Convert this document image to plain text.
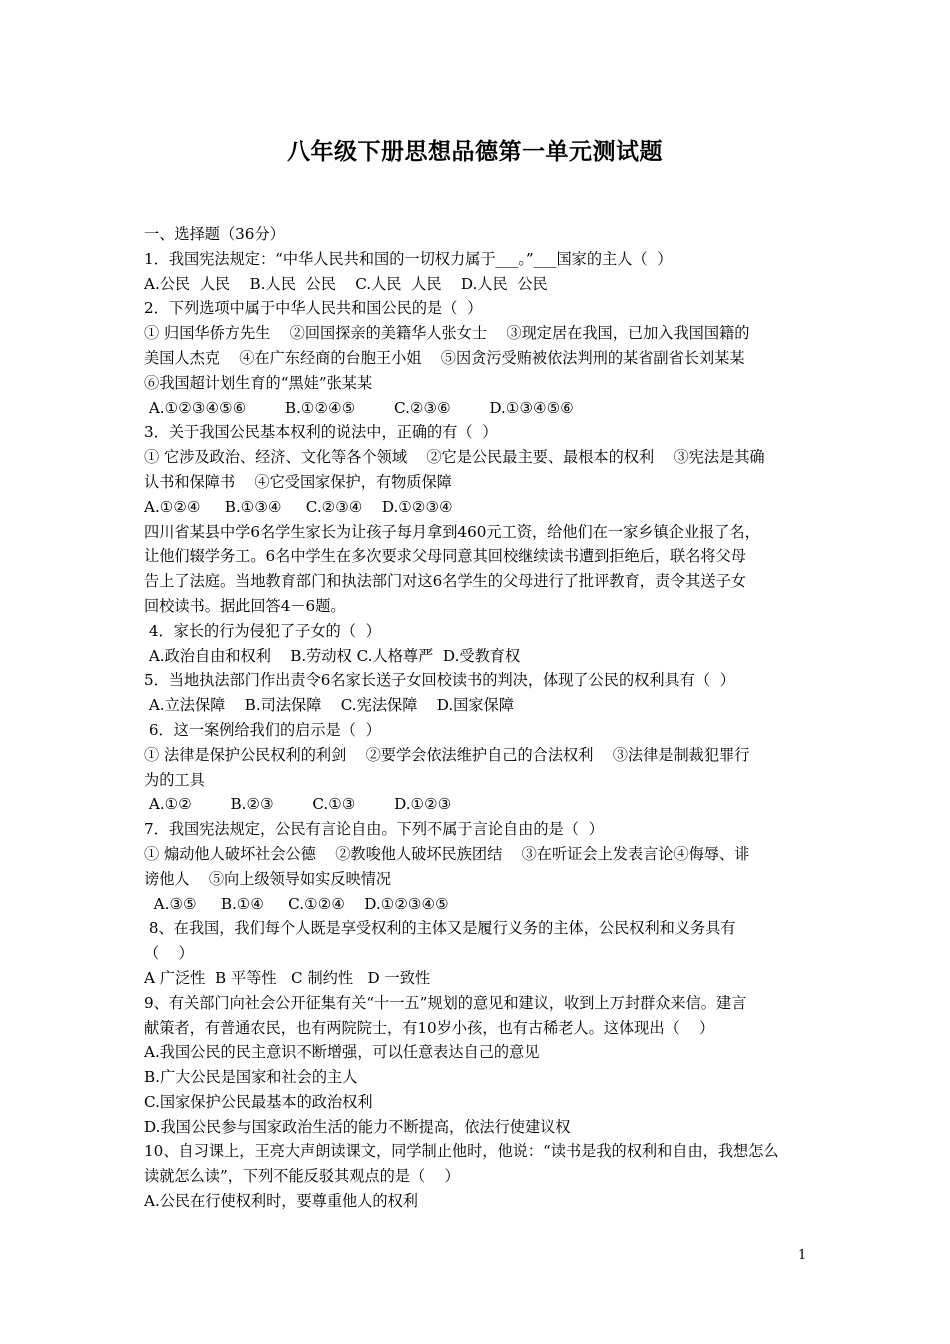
八年级下册思想品德第一单元测试题
一、选择题（36分）
1．我国宪法规定：“中华人民共和国的一切权力属于___。”___国家的主人（  ）
A.公民  人民    B.人民  公民    C.人民  人民    D.人民  公民
2．下列选项中属于中华人民共和国公民的是（  ）
① 归国华侨方先生    ②回国探亲的美籍华人张女士    ③现定居在我国，已加入我国国籍的
美国人杰克    ④在广东经商的台胞王小姐    ⑤因贪污受贿被依法判刑的某省副省长刘某某
⑥我国超计划生育的“黑娃”张某某
A.①②③④⑤⑥        B.①②④⑤        C.②③⑥        D.①③④⑤⑥
3．关于我国公民基本权利的说法中，正确的有（  ）
① 它涉及政治、经济、文化等各个领域    ②它是公民最主要、最根本的权利    ③宪法是其确
认书和保障书    ④它受国家保护，有物质保障
A.①②④     B.①③④     C.②③④    D.①②③④
四川省某县中学6名学生家长为让孩子每月拿到460元工资，给他们在一家乡镇企业报了名，
让他们辍学务工。6名中学生在多次要求父母同意其回校继续读书遭到拒绝后，联名将父母
告上了法庭。当地教育部门和执法部门对这6名学生的父母进行了批评教育，责令其送子女
回校读书。据此回答4－6题。
4．家长的行为侵犯了子女的（  ）
A.政治自由和权利    B.劳动权 C.人格尊严  D.受教育权
5．当地执法部门作出责令6名家长送子女回校读书的判决，体现了公民的权利具有（  ）
A.立法保障    B.司法保障    C.宪法保障    D.国家保障
6．这一案例给我们的启示是（  ）
① 法律是保护公民权利的利剑    ②要学会依法维护自己的合法权利    ③法律是制裁犯罪行
为的工具
A.①②        B.②③        C.①③        D.①②③
7．我国宪法规定，公民有言论自由。下列不属于言论自由的是（  ）
① 煽动他人破坏社会公德    ②教唆他人破坏民族团结    ③在听证会上发表言论④侮辱、诽
谤他人    ⑤向上级领导如实反映情况
A.③⑤     B.①④     C.①②④    D.①②③④⑤
8、在我国，我们每个人既是享受权利的主体又是履行义务的主体，公民权利和义务具有
（    ）
A 广泛性  B 平等性   C 制约性   D 一致性
9、有关部门向社会公开征集有关“十一五”规划的意见和建议，收到上万封群众来信。建言
献策者，有普通农民，也有两院院士，有10岁小孩，也有古稀老人。这体现出（    ）
A.我国公民的民主意识不断增强，可以任意表达自己的意见
B.广大公民是国家和社会的主人
C.国家保护公民最基本的政治权利
D.我国公民参与国家政治生活的能力不断提高，依法行使建议权
10、自习课上，王亮大声朗读课文，同学制止他时，他说：“读书是我的权利和自由，我想怎么
读就怎么读”，下列不能反驳其观点的是（    ）
A.公民在行使权利时，要尊重他人的权利
1
